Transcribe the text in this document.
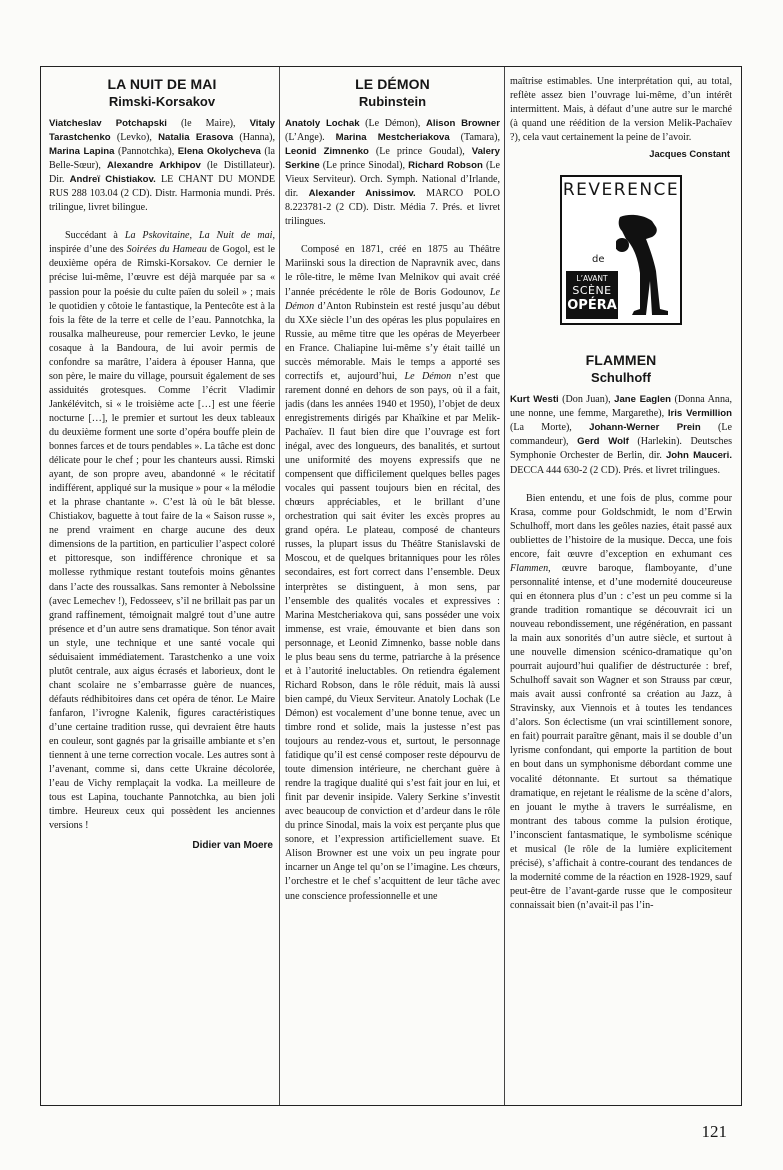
LA NUIT DE MAI
Rimski-Korsakov

Viatcheslav Potchapski (le Maire), Vitaly Tarastchenko (Levko), Natalia Erasova (Hanna), Marina Lapina (Pannotchka), Elena Okolycheva (la Belle-Sœur), Alexandre Arkhipov (le Distillateur). Dir. Andreï Chistiakov. LE CHANT DU MONDE RUS 288 103.04 (2 CD). Distr. Harmonia mundi. Prés. trilingue, livret bilingue.

Succédant à La Pskovitaine, La Nuit de mai, inspirée d’une des Soirées du Hameau de Gogol, est le deuxième opéra de Rimski-Korsakov. Ce dernier le précise lui-même, l’œuvre est déjà marquée par sa « passion pour la poésie du culte païen du soleil » ; mais le quotidien y côtoie le fantastique, la Pentecôte est à la fois la fête de la terre et celle de l’eau. Pannotchka, la rousalka malheureuse, pour remercier Levko, le jeune cosaque à la Bandoura, de lui avoir permis de confondre sa marâtre, l’aidera à épouser Hanna, que son père, le maire du village, poursuit également de ses assiduités grotesques. Comme l’écrit Vladimir Jankélévitch, si « le troisième acte […] est une féerie nocturne […], le premier et surtout les deux tableaux du deuxième forment une sorte d’opéra bouffe plein de bonnes farces et de tours pendables ». La tâche est donc délicate pour le chef ; pour les chanteurs aussi. Rimski ayant, de son propre aveu, abandonné « le récitatif indifférent, appliqué sur la musique » pour « la mélodie et la phrase chantante ». C’est là où le bât blesse. Chistiakov, baguette à tout faire de la « Saison russe », ne prend vraiment en charge aucune des deux dimensions de la partition, en particulier l’aspect coloré et pittoresque, son indifférence chronique et sa mollesse rythmique restant toutefois moins gênantes dans l’acte des roussalkas. Sans remonter à Nebolssine (avec Lemechev !), Fedosseev, s’il ne brillait pas par un grand raffinement, témoignait malgré tout d’une autre présence et d’un autre sens dramatique. Son ténor avait un style, une technique et une santé vocale qui séduisaient immédiatement. Tarastchenko a une voix plutôt centrale, aux aigus écrasés et laborieux, dont le chant scolaire ne s’embarrasse guère de nuances, défauts rédhibitoires dans cet opéra de ténor. Le Maire fanfaron, l’ivrogne Kalenik, figures caractéristiques d’une certaine tradition russe, qui devraient être hauts en couleur, sont gagnés par la grisaille ambiante et s’en tiennent à une terne correction vocale. Les autres sont à l’avenant, comme si, dans cette Ukraine décolorée, l’eau de Vichy remplaçait la vodka. La meilleure de tous est Lapina, touchante Pannotchka, au bien joli timbre. Heureux ceux qui possèdent les anciennes versions !

Didier van Moere
LE DÉMON
Rubinstein

Anatoly Lochak (Le Démon), Alison Browner (L’Ange). Marina Mestcheriakova (Tamara), Leonid Zimnenko (Le prince Goudal), Valery Serkine (Le prince Sinodal), Richard Robson (Le Vieux Serviteur). Orch. Symph. National d’Irlande, dir. Alexander Anissimov. MARCO POLO 8.223781-2 (2 CD). Distr. Média 7. Prés. et livret trilingues.

Composé en 1871, créé en 1875 au Théâtre Mariinski sous la direction de Napravnik avec, dans le rôle-titre, le même Ivan Melnikov qui avait créé l’année précédente le rôle de Boris Godounov, Le Démon d’Anton Rubinstein est resté jusqu’au début du XXe siècle l’un des opéras les plus populaires en Russie, au même titre que les opéras de Meyerbeer en France. Chaliapine lui-même s’y était taillé un succès mémorable. Mais le temps a apporté ses correctifs et, aujourd’hui, Le Démon n’est que rarement donné en dehors de son pays, où il a fait, jadis (dans les années 1940 et 1950), l’objet de deux enregistrements dirigés par Khaïkine et par Melik-Pachaïev. Il faut bien dire que l’ouvrage est fort inégal, avec des longueurs, des banalités, et surtout une uniformité des moyens expressifs que ne compensent que difficilement quelques belles pages vocales qui passent toujours bien en récital, des chœurs appréciables, et le brillant d’une orchestration qui sait éviter les excès propres au grand opéra. Le plateau, composé de chanteurs russes, la plupart issus du Théâtre Stanislavski de Moscou, et de quelques britanniques pour les rôles secondaires, est fort correct dans l’ensemble. Deux interprètes se distinguent, à mon sens, par l’ensemble des qualités vocales et expressives : Marina Mestcheriakova qui, sans posséder une voix immense, est vraie, émouvante et bien dans son personnage, et Leonid Zimnenko, basse noble dans le plus beau sens du terme, patriarche à la présence et à l’autorité ineluctables. On retiendra également Richard Robson, dans le rôle réduit, mais là aussi bien campé, du Vieux Serviteur. Anatoly Lochak (Le Démon) est vocalement d’une bonne tenue, avec un timbre rond et solide, mais la justesse n’est pas toujours au rendez-vous et, surtout, le personnage fatidique qu’il est censé composer reste dépourvu de toute dimension intérieure, ne cherchant guère à rendre la tragique dualité qui s’est fait jour en lui, et finit par devenir insipide. Valery Serkine s’investit avec beaucoup de conviction et d’ardeur dans le rôle du prince Sinodal, mais la voix est perçante plus que sonore, et l’expression artificiellement suave. Et Alison Browner est une voix un peu ingrate pour incarner un Ange tel qu’on se l’imagine. Les chœurs, l’orchestre et le chef s’acquittent de leur tâche avec une conscience professionnelle et une

maîtrise estimables. Une interprétation qui, au total, reflète assez bien l’ouvrage lui-même, d’un intérêt intermittent. Mais, à défaut d’une autre sur le marché (à quand une réédition de la version Melik-Pachaïev ?), cela vaut certainement la peine de l’avoir.

Jacques Constant
REVERENCE
de
L’AVANT
SCÈNE
OPÉRA
FLAMMEN
Schulhoff

Kurt Westi (Don Juan), Jane Eaglen (Donna Anna, une nonne, une femme, Margarethe), Iris Vermillion (La Morte), Johann-Werner Prein (Le commandeur), Gerd Wolf (Harlekin). Deutsches Symphonie Orchester de Berlin, dir. John Mauceri. DECCA 444 630-2 (2 CD). Prés. et livret trilingues.

Bien entendu, et une fois de plus, comme pour Krasa, comme pour Goldschmidt, le nom d’Erwin Schulhoff, mort dans les geôles nazies, était passé aux oubliettes de l’histoire de la musique. Decca, une fois encore, fait œuvre d’exception en exhumant ces Flammen, œuvre baroque, flamboyante, d’une personnalité intense, et d’une modernité douceureuse qui en étonnera plus d’un : c’est un peu comme si la grande tradition romantique se découvrait ici un nouveau rebondissement, une régénération, en passant la main aux sonorités d’un autre siècle, et surtout à une nouvelle dimension scénico-dramatique qu’on pourrait aujourd’hui qualifier de déstructurée : bref, Schulhoff savait son Wagner et son Strauss par cœur, mais avait aussi confronté sa création au Jazz, à Stravinsky, aux Viennois et à toutes les tendances d’alors. Son éclectisme (un vrai scintillement sonore, en fait) pourrait paraître gênant, mais il se double d’un lyrisme confondant, qui emporte la partition de bout en bout dans un symphonisme débordant comme une vocalité détonnante. Et surtout sa thématique dramatique, en rejetant le réalisme de la scène d’alors, en jouant le mythe à travers le surréalisme, en montrant des tabous comme la pulsion érotique, l’inconscient fantasmatique, le symbolisme scénique et musical (le rôle de la lumière explicitement précisé), s’affichait à contre-courant des tendances de la modernité comme de la réaction en 1928-1929, sauf peut-être de l’avant-garde russe que le compositeur connaissait bien (n’avait-il pas l’in-

121
